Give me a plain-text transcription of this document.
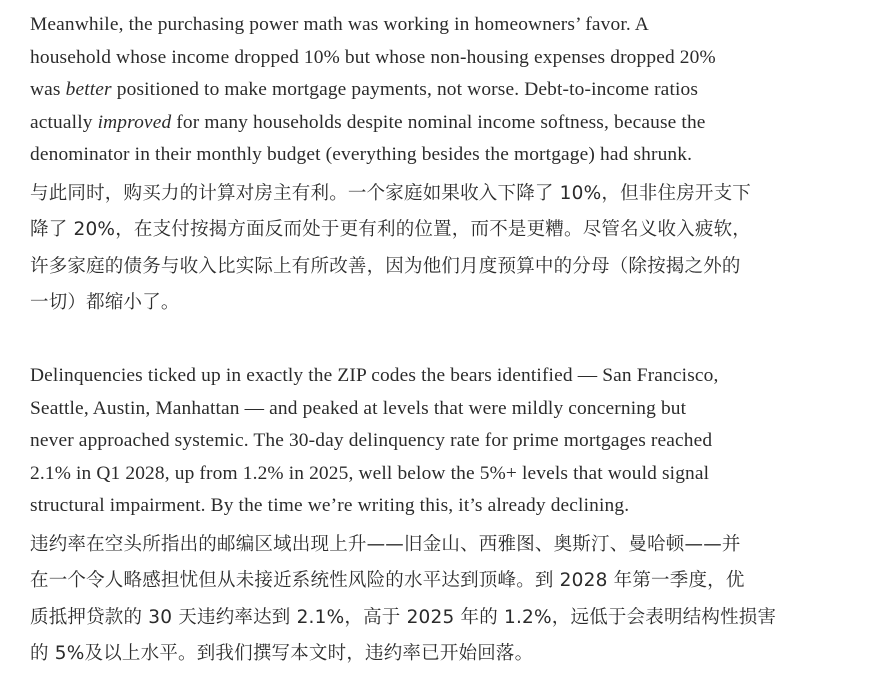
Meanwhile, the purchasing power math was working in homeowners’ favor. A
household whose income dropped 10% but whose non-housing expenses dropped 20%
was better positioned to make mortgage payments, not worse. Debt-to-income ratios
actually improved for many households despite nominal income softness, because the
denominator in their monthly budget (everything besides the mortgage) had shrunk.

与此同时，购买力的计算对房主有利。一个家庭如果收入下降了 10%，但非住房开支下
降了 20%，在支付按揭方面反而处于更有利的位置，而不是更糟。尽管名义收入疲软，
许多家庭的债务与收入比实际上有所改善，因为他们月度预算中的分母（除按揭之外的
一切）都缩小了。

Delinquencies ticked up in exactly the ZIP codes the bears identified — San Francisco,
Seattle, Austin, Manhattan — and peaked at levels that were mildly concerning but
never approached systemic. The 30-day delinquency rate for prime mortgages reached
2.1% in Q1 2028, up from 1.2% in 2025, well below the 5%+ levels that would signal
structural impairment. By the time we’re writing this, it’s already declining.

违约率在空头所指出的邮编区域出现上升——旧金山、西雅图、奥斯汀、曼哈顿——并
在一个令人略感担忧但从未接近系统性风险的水平达到顶峰。到 2028 年第一季度，优
质抵押贷款的 30 天违约率达到 2.1%，高于 2025 年的 1.2%，远低于会表明结构性损害
的 5%及以上水平。到我们撰写本文时，违约率已开始回落。
